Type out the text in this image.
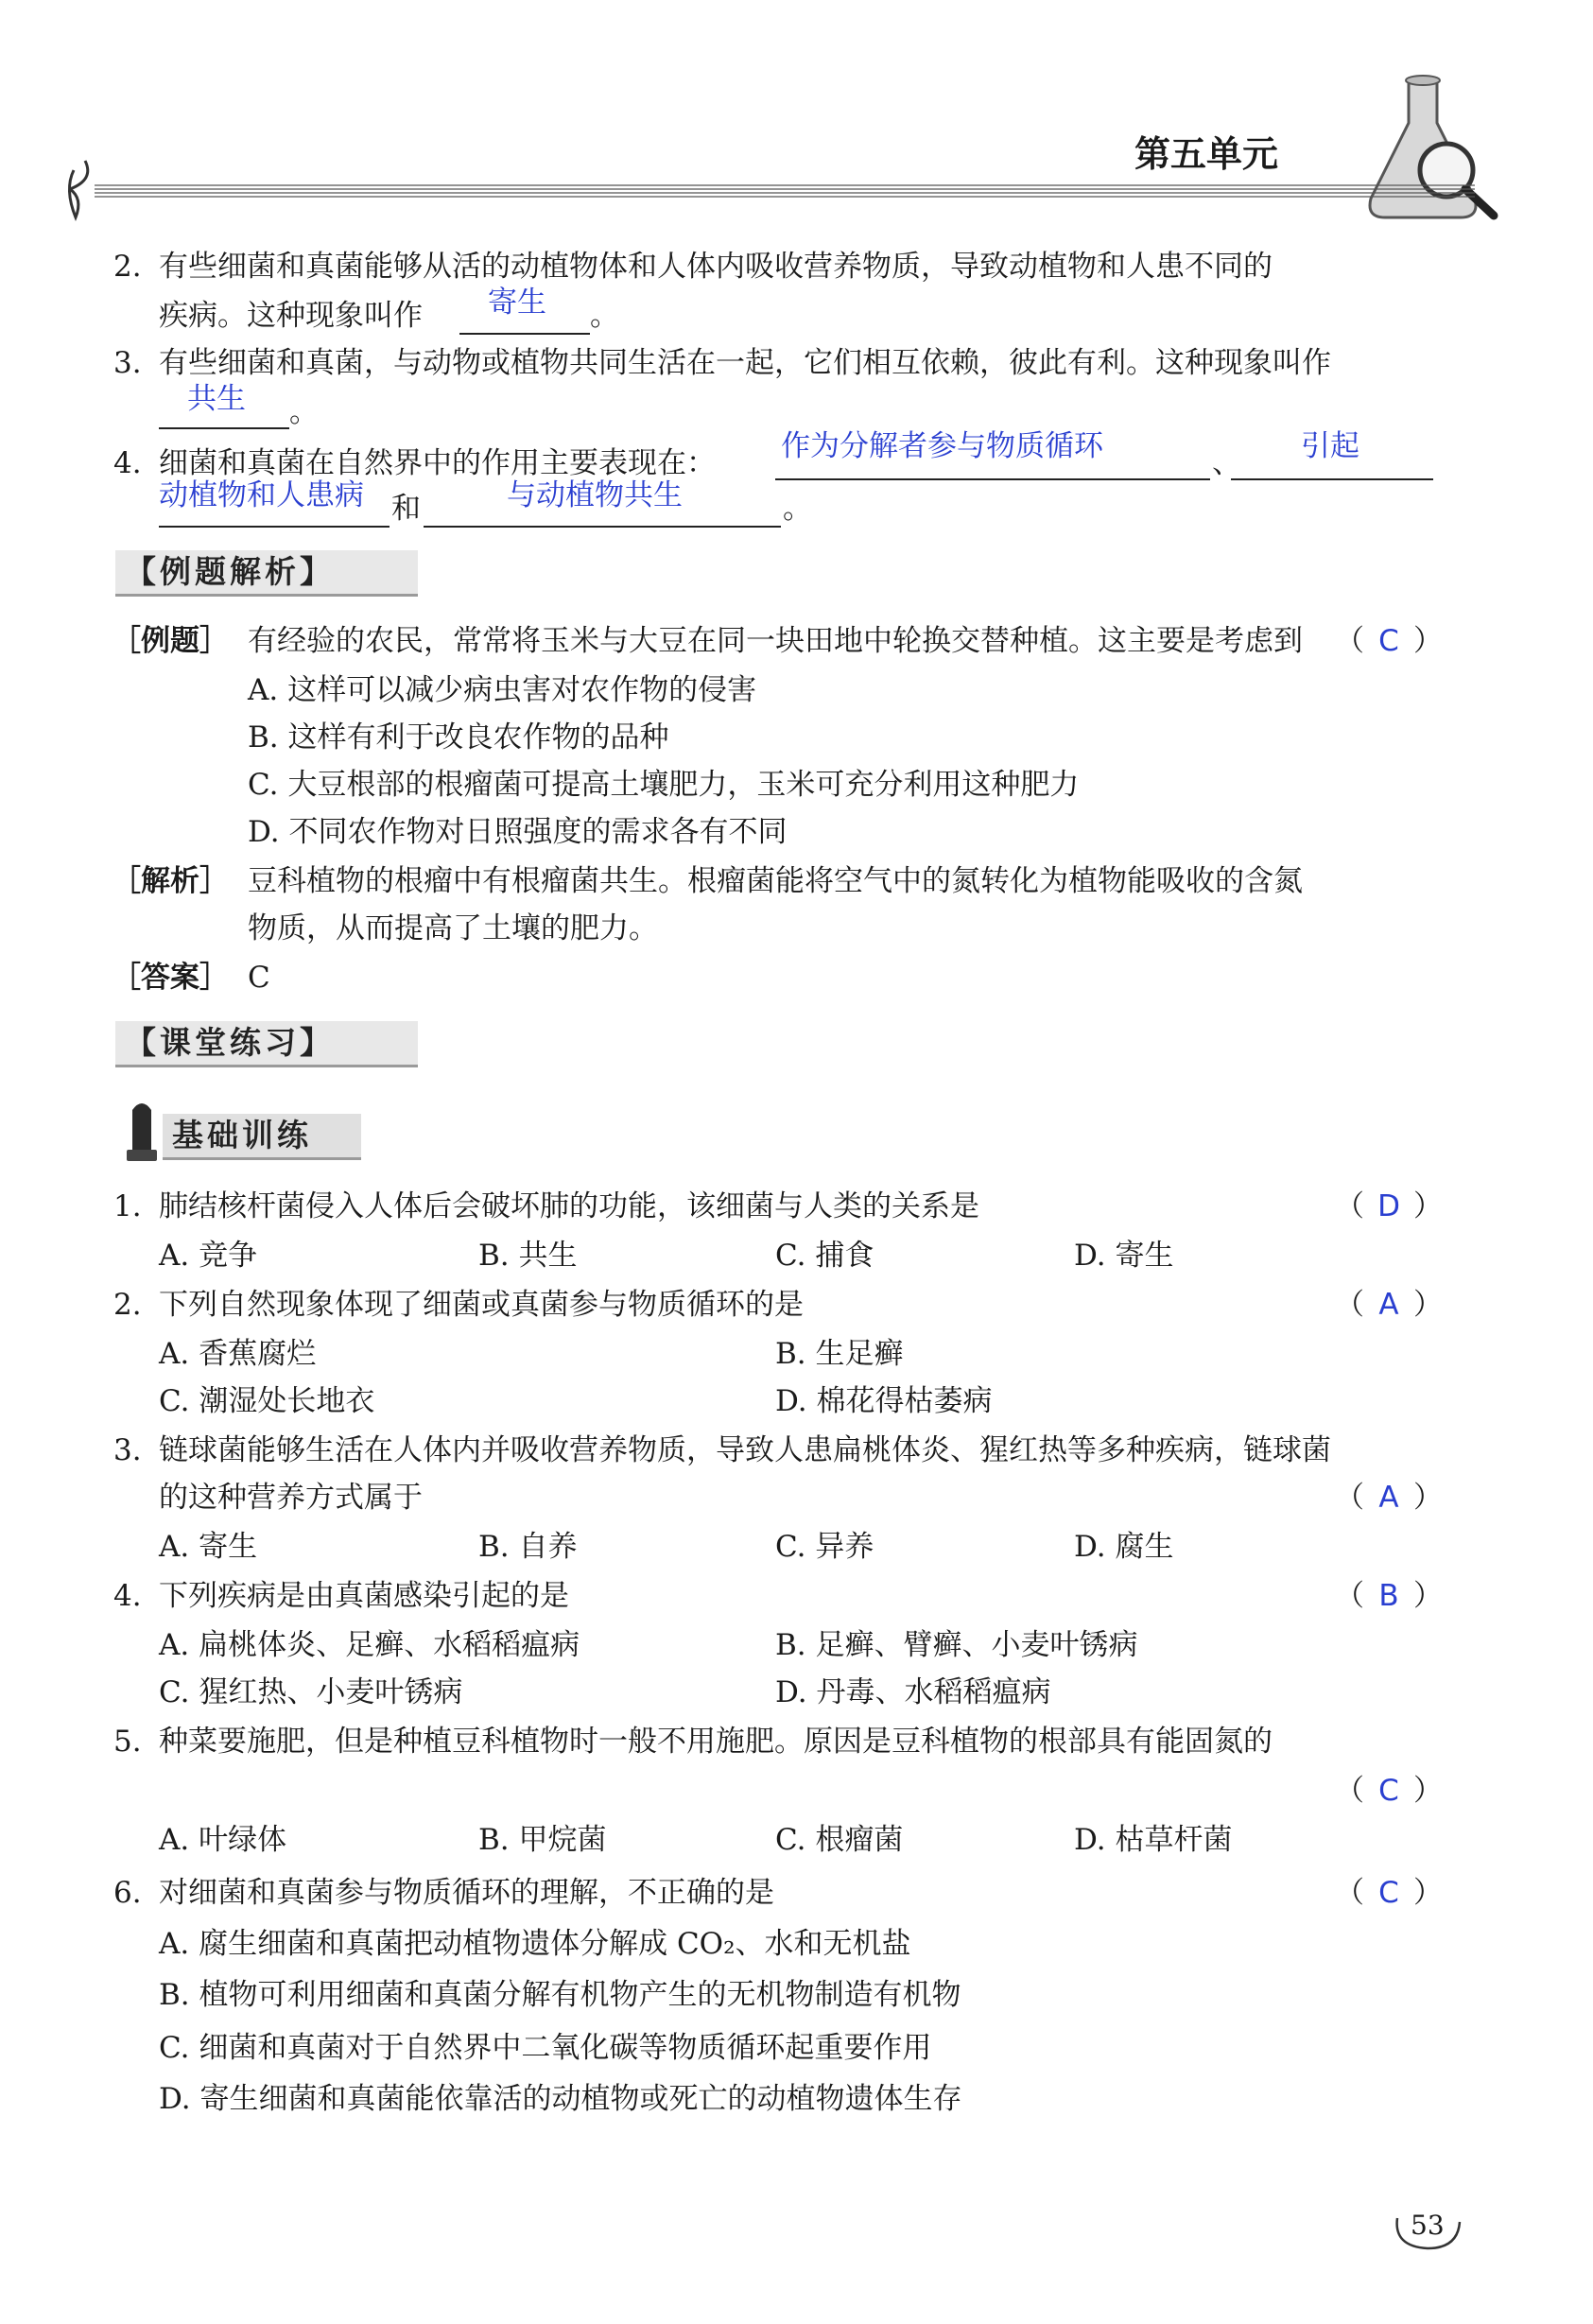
第五单元
2. 有些细菌和真菌能够从活的动植物体和人体内吸收营养物质，导致动植物和人患不同的
疾病。这种现象叫作 寄生 。
3. 有些细菌和真菌，与动物或植物共同生活在一起，它们相互依赖，彼此有利。这种现象叫作
共生 。
4. 细菌和真菌在自然界中的作用主要表现在： 作为分解者参与物质循环	、 引起
动植物和人患病 和	与动植物共生	。
【例题解析】
［例题］ 有经验的农民，常常将玉米与大豆在同一块田地中轮换交替种植。这主要是考虑到 （ C ）
A. 这样可以减少病虫害对农作物的侵害
B. 这样有利于改良农作物的品种
C. 大豆根部的根瘤菌可提高土壤肥力，玉米可充分利用这种肥力
D. 不同农作物对日照强度的需求各有不同
［解析］ 豆科植物的根瘤中有根瘤菌共生。根瘤菌能将空气中的氮转化为植物能吸收的含氮
物质，从而提高了土壤的肥力。
［答案］ C
【课堂练习】
基础训练
1. 肺结核杆菌侵入人体后会破坏肺的功能，该细菌与人类的关系是	（ D ）
A. 竞争	B. 共生	C. 捕食	D. 寄生
2. 下列自然现象体现了细菌或真菌参与物质循环的是	（ A ）
A. 香蕉腐烂	B. 生足癣
C. 潮湿处长地衣	D. 棉花得枯萎病
3. 链球菌能够生活在人体内并吸收营养物质，导致人患扁桃体炎、猩红热等多种疾病，链球菌
的这种营养方式属于	（ A ）
A. 寄生	B. 自养	C. 异养	D. 腐生
4. 下列疾病是由真菌感染引起的是	（ B ）
A. 扁桃体炎、足癣、水稻稻瘟病	B. 足癣、臂癣、小麦叶锈病
C. 猩红热、小麦叶锈病	D. 丹毒、水稻稻瘟病
5. 种菜要施肥，但是种植豆科植物时一般不用施肥。原因是豆科植物的根部具有能固氮的
（ C ）
A. 叶绿体	B. 甲烷菌	C. 根瘤菌	D. 枯草杆菌
6. 对细菌和真菌参与物质循环的理解，不正确的是	（ C ）
A. 腐生细菌和真菌把动植物遗体分解成 CO₂、水和无机盐
B. 植物可利用细菌和真菌分解有机物产生的无机物制造有机物
C. 细菌和真菌对于自然界中二氧化碳等物质循环起重要作用
D. 寄生细菌和真菌能依靠活的动植物或死亡的动植物遗体生存
53
